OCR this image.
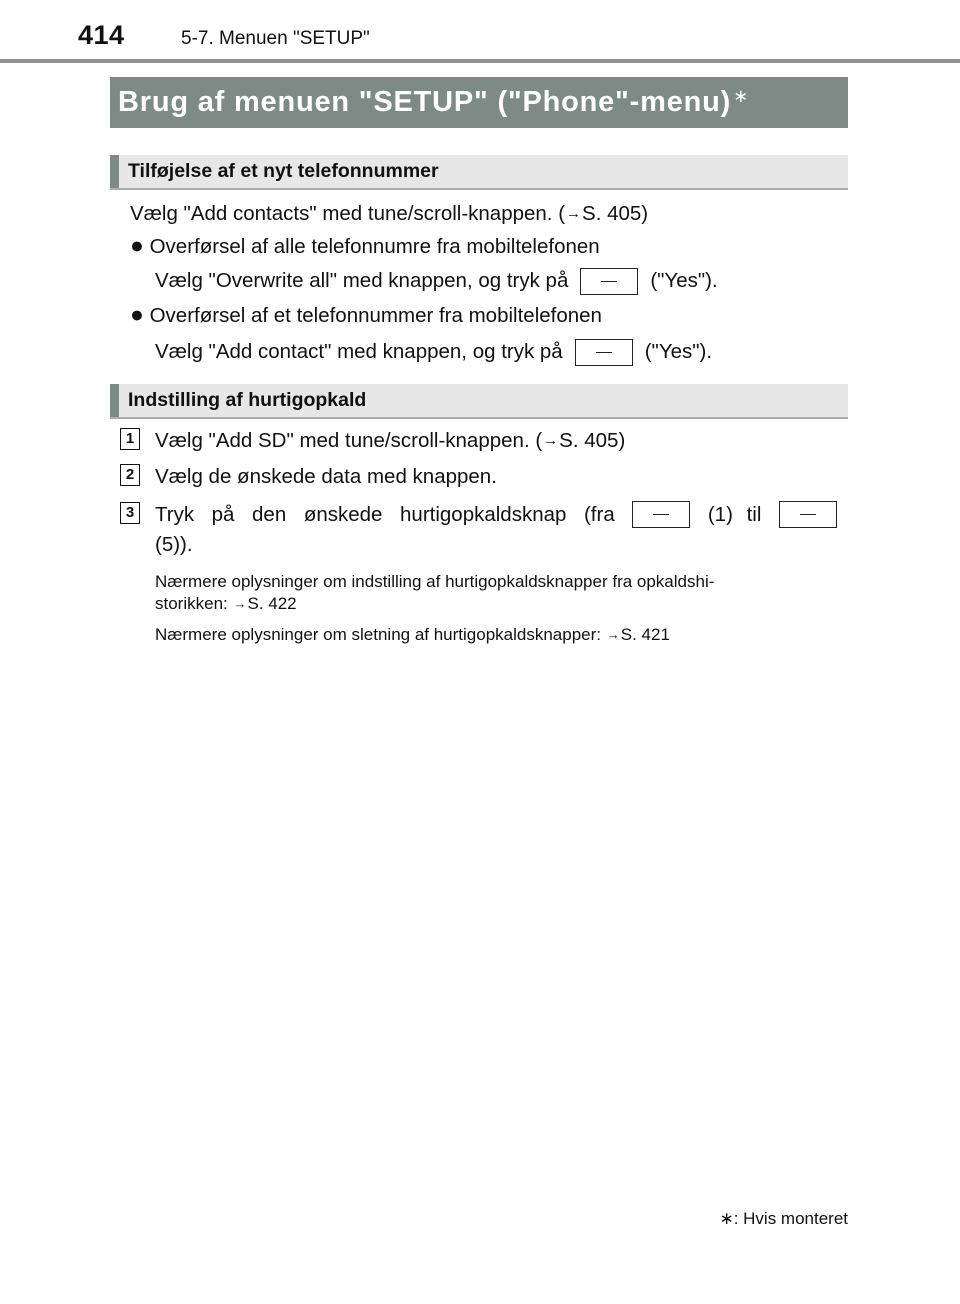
414	5-7. Menuen "SETUP"
Brug af menuen "SETUP" ("Phone"-menu) ∗
Tilføjelse af et nyt telefonnummer
Vælg "Add contacts" med tune/scroll-knappen. (→S. 405)
● Overførsel af alle telefonnumre fra mobiltelefonen
Vælg "Overwrite all" med knappen, og tryk på	("Yes").
● Overførsel af et telefonnummer fra mobiltelefonen
Vælg "Add contact" med knappen, og tryk på	("Yes").
Indstilling af hurtigopkald
1 Vælg "Add SD" med tune/scroll-knappen. (→S. 405)
2 Vælg de ønskede data med knappen.
3 Tryk på den ønskede hurtigopkaldsknap (fra	(1) til
(5)).
Nærmere oplysninger om indstilling af hurtigopkaldsknapper fra opkaldshi-
storikken: →S. 422
Nærmere oplysninger om sletning af hurtigopkaldsknapper: →S. 421
∗: Hvis monteret
